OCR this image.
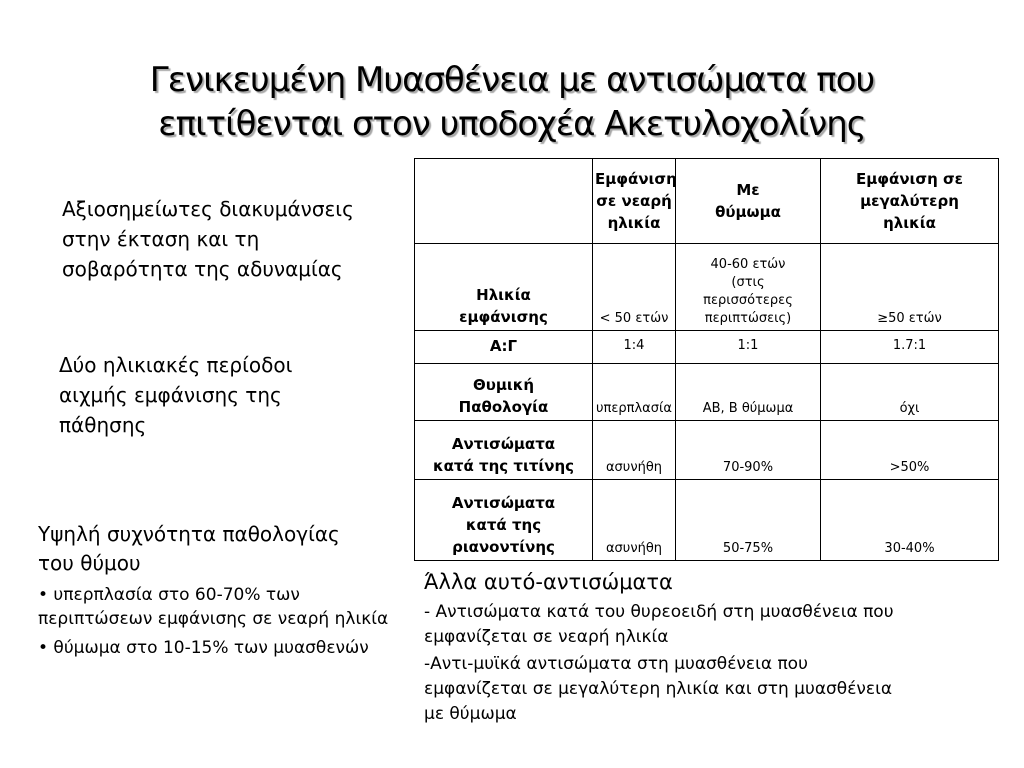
Γενικευμένη Μυασθένεια με αντισώματα που
επιτίθενται στον υποδοχέα Ακετυλοχολίνης
Αξιοσημείωτες διακυμάνσεις
στην έκταση και τη
σοβαρότητα της αδυναμίας
Δύο ηλικιακές περίοδοι
αιχμής εμφάνισης της
πάθησης
Υψηλή συχνότητα παθολογίας
του θύμου
• υπερπλασία στο 60-70% των περιπτώσεων εμφάνισης σε νεαρή ηλικία
• θύμωμα στο 10-15% των μυασθενών

	Εμφάνιση
σε νεαρή
ηλικία	Με
θύμωμα	Εμφάνιση σε
μεγαλύτερη
ηλικία

Ηλικία
εμφάνισης	< 50 ετών	40-60 ετών
(στις
περισσότερες
περιπτώσεις)	≥50 ετών

Α:Γ	1:4	1:1	1.7:1

Θυμική
Παθολογία	υπερπλασία	ΑΒ, Β θύμωμα	όχι

Αντισώματα
κατά της τιτίνης	ασυνήθη	70-90%	>50%

Αντισώματα
κατά της
ριανοντίνης	ασυνήθη	50-75%	30-40%
Άλλα αυτό-αντισώματα
- Αντισώματα κατά του θυρεοειδή στη μυασθένεια που
εμφανίζεται σε νεαρή ηλικία
-Αντι-μυϊκά αντισώματα στη μυασθένεια που
εμφανίζεται σε μεγαλύτερη ηλικία και στη μυασθένεια
με θύμωμα
